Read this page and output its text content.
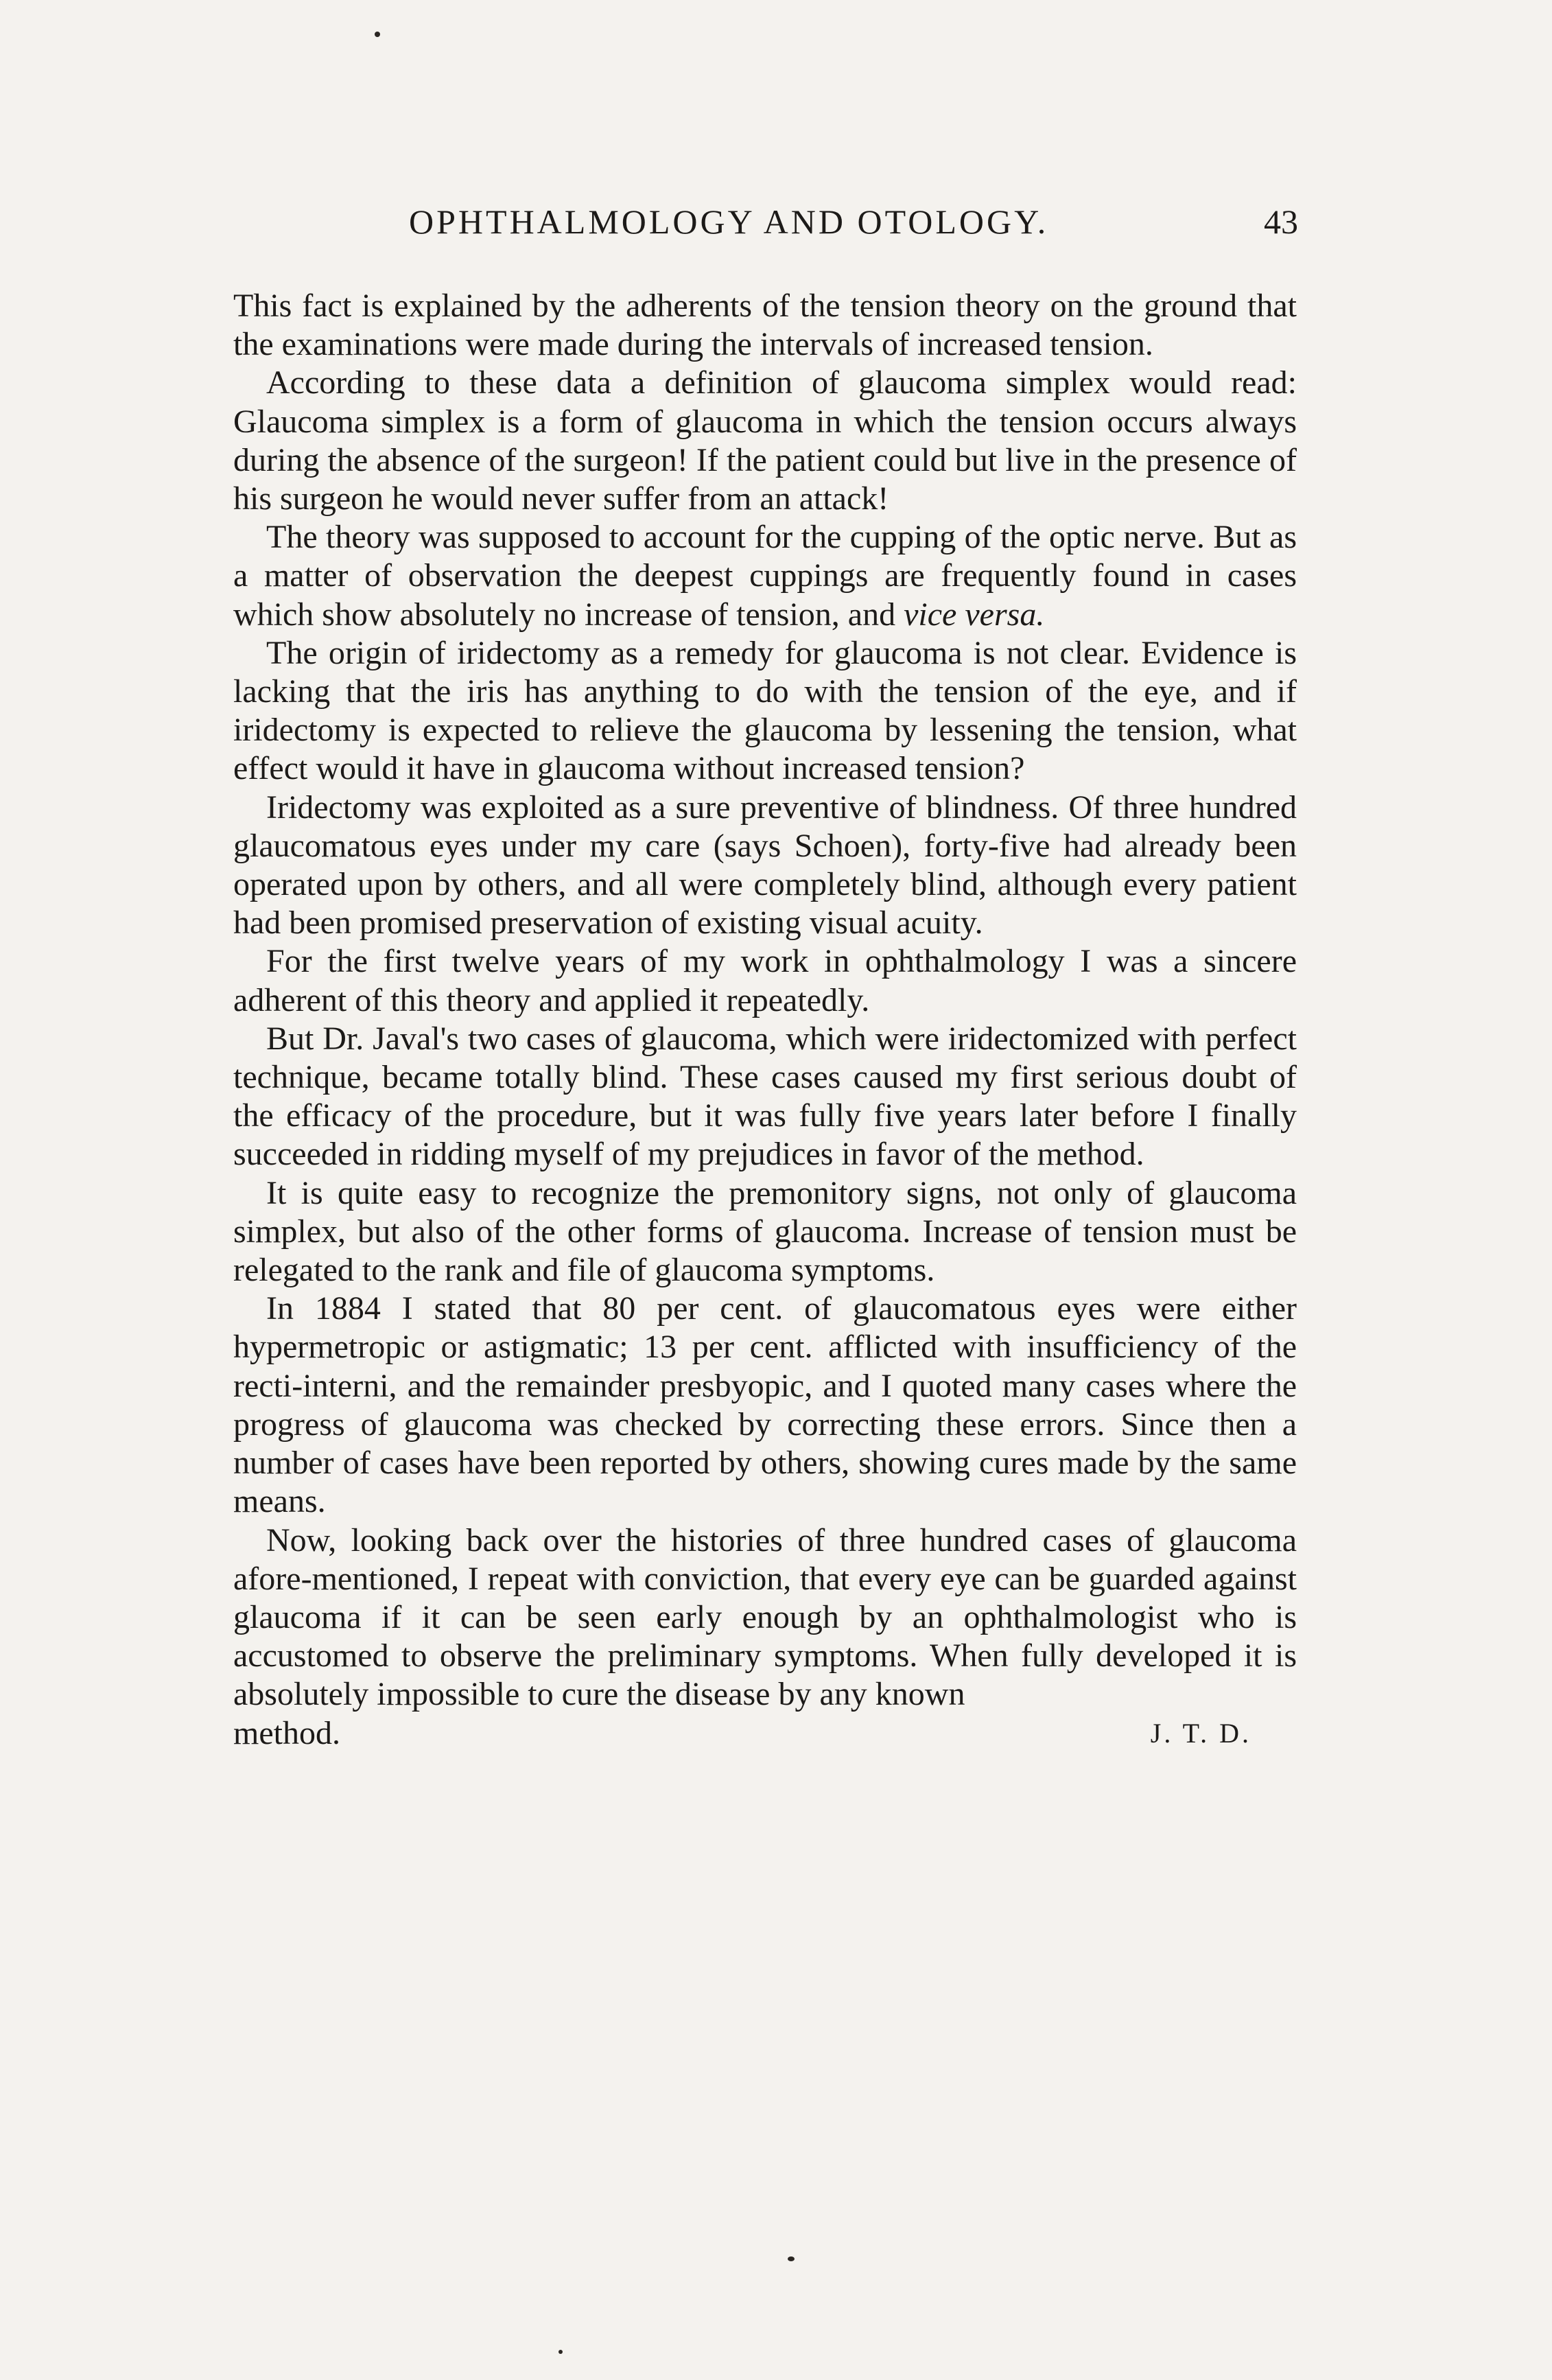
OPHTHALMOLOGY AND OTOLOGY.	43

This fact is explained by the adherents of the tension theory on the ground that the examinations were made during the intervals of increased tension.

According to these data a definition of glaucoma simplex would read: Glaucoma simplex is a form of glaucoma in which the tension occurs always during the absence of the surgeon! If the patient could but live in the presence of his surgeon he would never suffer from an attack!

The theory was supposed to account for the cupping of the optic nerve. But as a matter of observation the deepest cuppings are frequently found in cases which show absolutely no increase of tension, and vice versa.

The origin of iridectomy as a remedy for glaucoma is not clear. Evidence is lacking that the iris has anything to do with the tension of the eye, and if iridectomy is expected to relieve the glaucoma by lessening the tension, what effect would it have in glaucoma without increased tension?

Iridectomy was exploited as a sure preventive of blindness. Of three hundred glaucomatous eyes under my care (says Schoen), forty-five had already been operated upon by others, and all were completely blind, although every patient had been promised preservation of existing visual acuity.

For the first twelve years of my work in ophthalmology I was a sincere adherent of this theory and applied it repeatedly.

But Dr. Javal's two cases of glaucoma, which were iridectomized with perfect technique, became totally blind. These cases caused my first serious doubt of the efficacy of the procedure, but it was fully five years later before I finally succeeded in ridding myself of my prejudices in favor of the method.

It is quite easy to recognize the premonitory signs, not only of glaucoma simplex, but also of the other forms of glaucoma. Increase of tension must be relegated to the rank and file of glaucoma symptoms.

In 1884 I stated that 80 per cent. of glaucomatous eyes were either hypermetropic or astigmatic; 13 per cent. afflicted with insufficiency of the recti-interni, and the remainder presbyopic, and I quoted many cases where the progress of glaucoma was checked by correcting these errors. Since then a number of cases have been reported by others, showing cures made by the same means.

Now, looking back over the histories of three hundred cases of glaucoma afore-mentioned, I repeat with conviction, that every eye can be guarded against glaucoma if it can be seen early enough by an ophthalmologist who is accustomed to observe the preliminary symptoms. When fully developed it is absolutely impossible to cure the disease by any known

method.	J. T. D.
